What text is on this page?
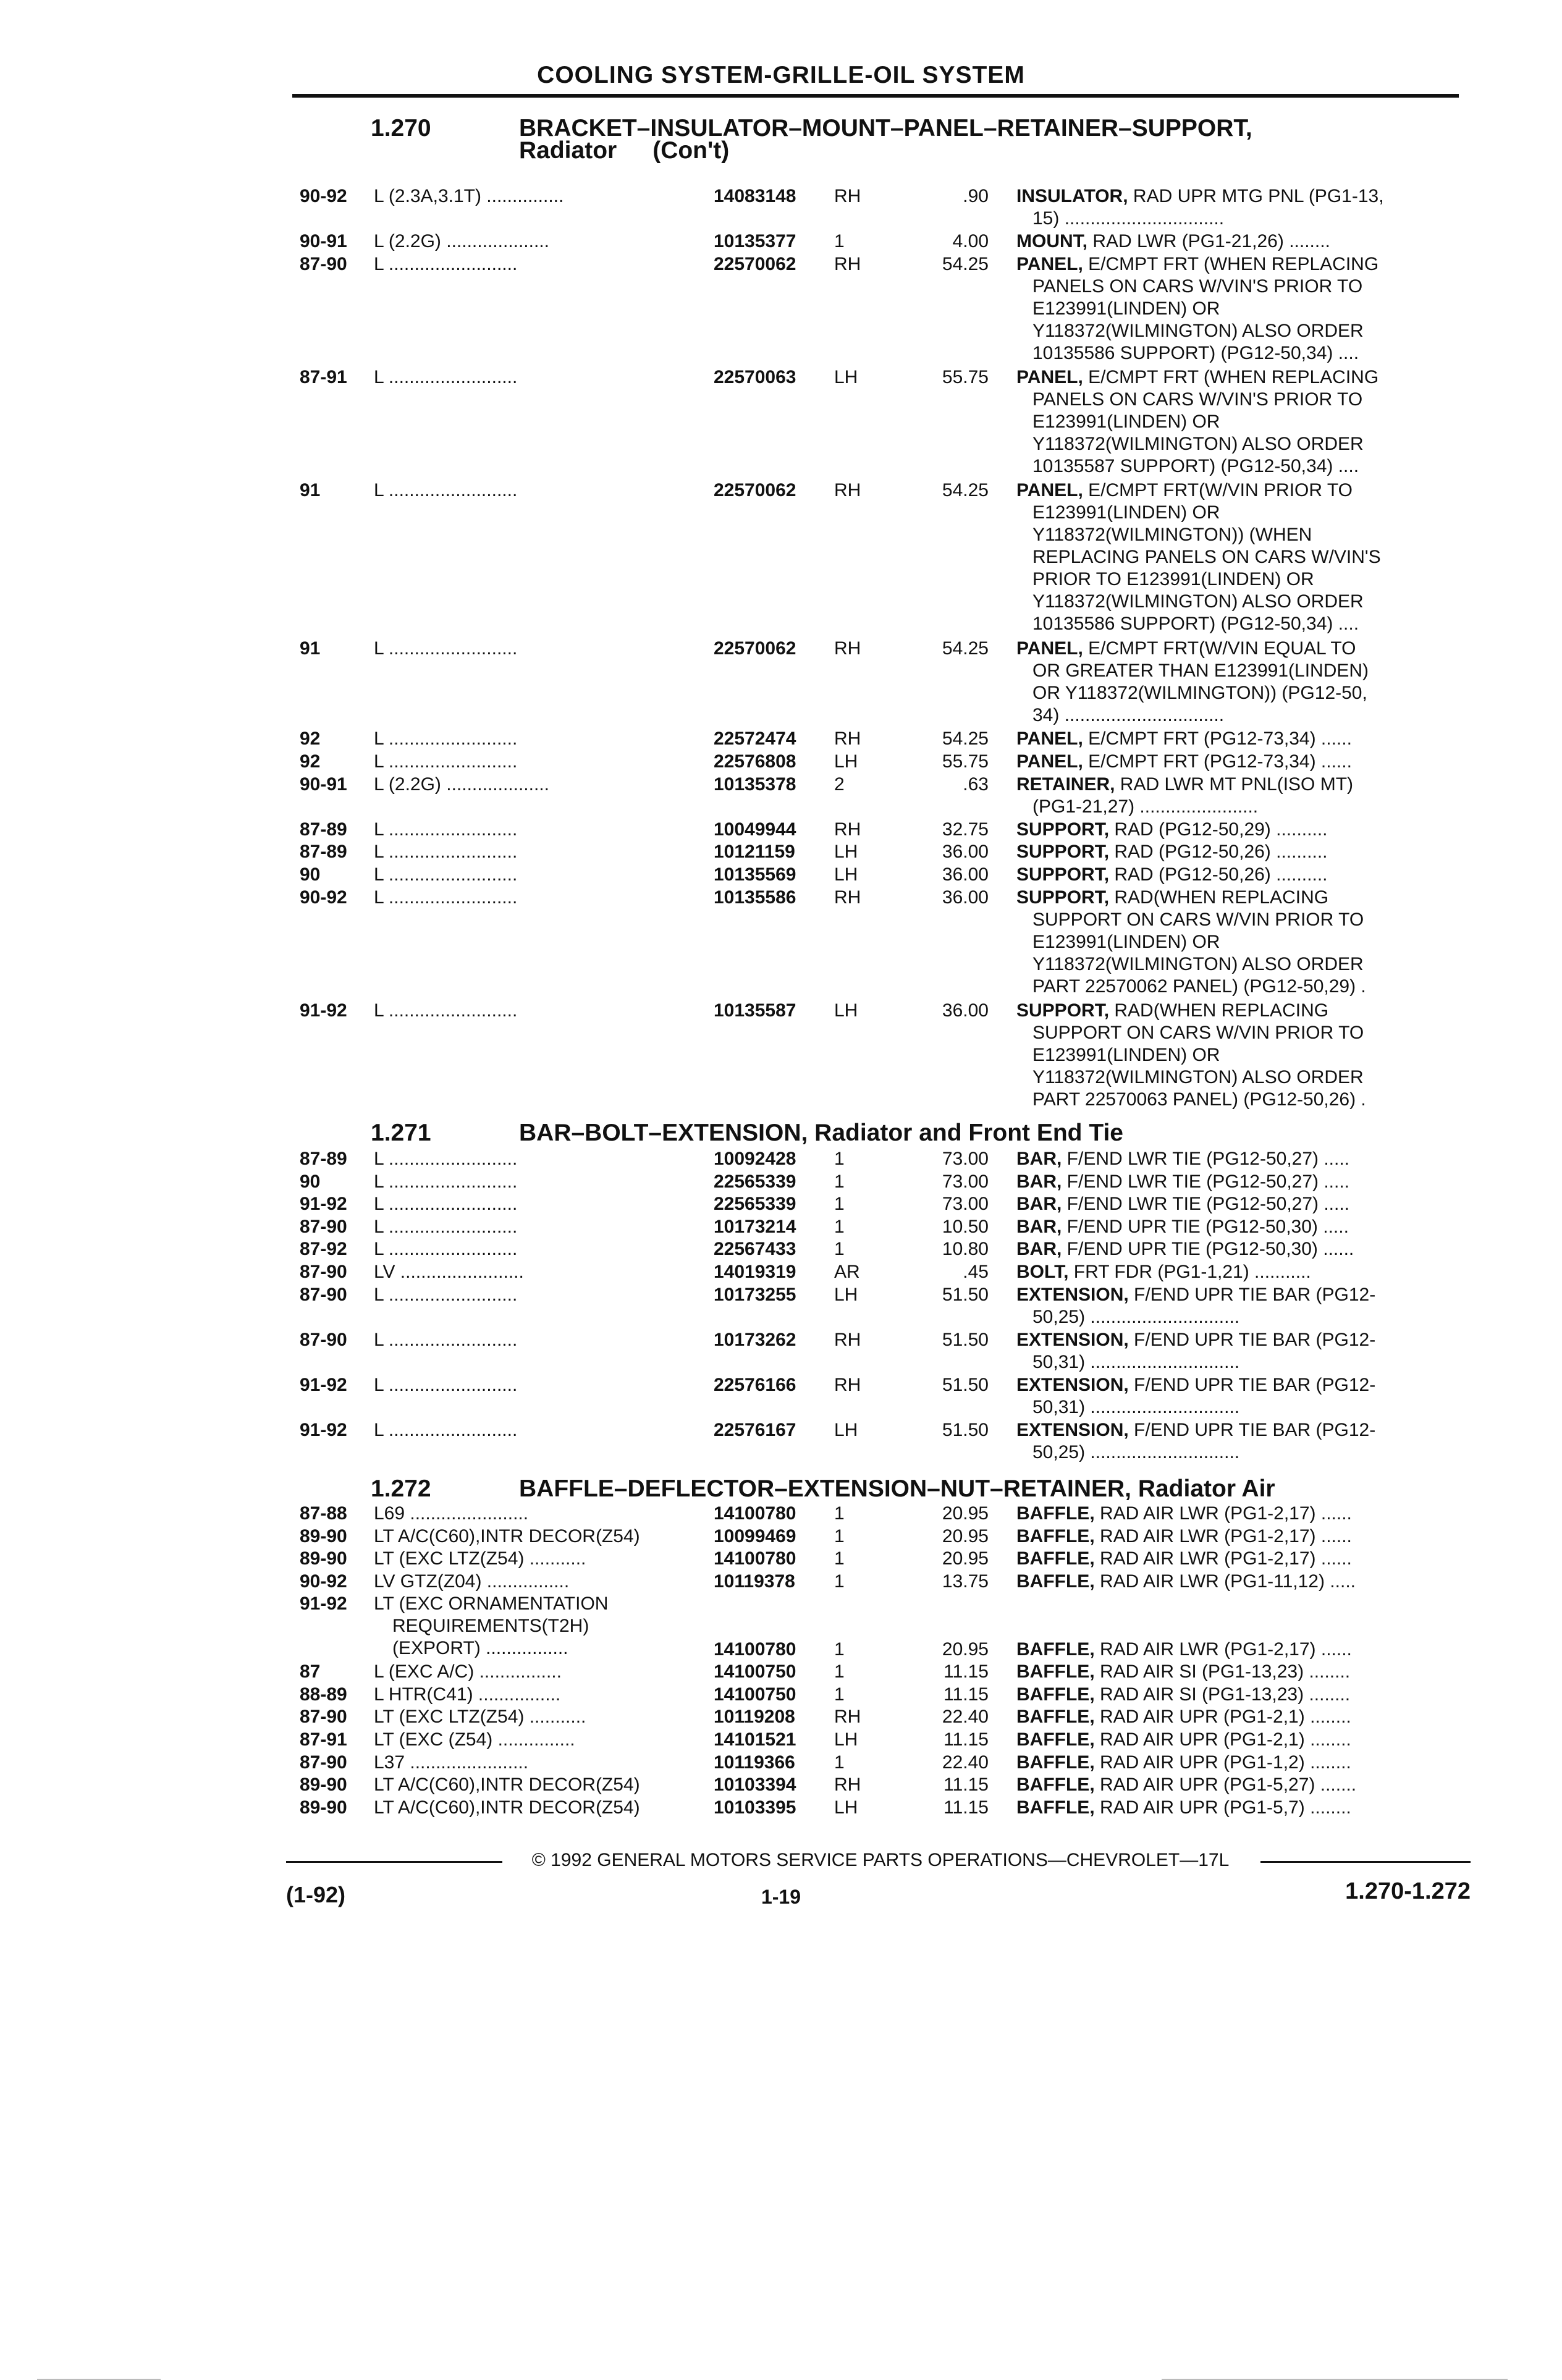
COOLING SYSTEM-GRILLE-OIL SYSTEM
1.270	BRACKET–INSULATOR–MOUNT–PANEL–RETAINER–SUPPORT,
Radiator (Con't)
90-92 L (2.3A,3.1T) ...............	14083148 RH	.90 INSULATOR, RAD UPR MTG PNL (PG1-13,
15) ...............................
90-91 L (2.2G) ....................	10135377 1	4.00 MOUNT, RAD LWR (PG1-21,26) ........
87-90 L .........................	22570062 RH	54.25 PANEL, E/CMPT FRT (WHEN REPLACING
PANELS ON CARS W/VIN'S PRIOR TO
E123991(LINDEN) OR
Y118372(WILMINGTON) ALSO ORDER
10135586 SUPPORT) (PG12-50,34) ....
87-91 L .........................	22570063 LH	55.75 PANEL, E/CMPT FRT (WHEN REPLACING
PANELS ON CARS W/VIN'S PRIOR TO
E123991(LINDEN) OR
Y118372(WILMINGTON) ALSO ORDER
10135587 SUPPORT) (PG12-50,34) ....
91	L .........................	22570062 RH	54.25 PANEL, E/CMPT FRT(W/VIN PRIOR TO
E123991(LINDEN) OR
Y118372(WILMINGTON)) (WHEN
REPLACING PANELS ON CARS W/VIN'S
PRIOR TO E123991(LINDEN) OR
Y118372(WILMINGTON) ALSO ORDER
10135586 SUPPORT) (PG12-50,34) ....
91	L .........................	22570062 RH	54.25 PANEL, E/CMPT FRT(W/VIN EQUAL TO
OR GREATER THAN E123991(LINDEN)
OR Y118372(WILMINGTON)) (PG12-50,
34) ...............................
92	L .........................	22572474 RH	54.25 PANEL, E/CMPT FRT (PG12-73,34) ......
92	L .........................	22576808 LH	55.75 PANEL, E/CMPT FRT (PG12-73,34) ......
90-91 L (2.2G) ....................	10135378 2	.63 RETAINER, RAD LWR MT PNL(ISO MT)
(PG1-21,27) .......................
87-89 L .........................	10049944 RH	32.75 SUPPORT, RAD (PG12-50,29) ..........
87-89 L .........................	10121159 LH	36.00 SUPPORT, RAD (PG12-50,26) ..........
90	L .........................	10135569 LH	36.00 SUPPORT, RAD (PG12-50,26) ..........
90-92 L .........................	10135586 RH	36.00 SUPPORT, RAD(WHEN REPLACING
SUPPORT ON CARS W/VIN PRIOR TO
E123991(LINDEN) OR
Y118372(WILMINGTON) ALSO ORDER
PART 22570062 PANEL) (PG12-50,29) .
91-92 L .........................	10135587 LH	36.00 SUPPORT, RAD(WHEN REPLACING
SUPPORT ON CARS W/VIN PRIOR TO
E123991(LINDEN) OR
Y118372(WILMINGTON) ALSO ORDER
PART 22570063 PANEL) (PG12-50,26) .
1.271	BAR–BOLT–EXTENSION, Radiator and Front End Tie
87-89 L .........................	10092428 1	73.00 BAR, F/END LWR TIE (PG12-50,27) .....
90	L .........................	22565339 1	73.00 BAR, F/END LWR TIE (PG12-50,27) .....
91-92 L .........................	22565339 1	73.00 BAR, F/END LWR TIE (PG12-50,27) .....
87-90 L .........................	10173214 1	10.50 BAR, F/END UPR TIE (PG12-50,30) .....
87-92 L .........................	22567433 1	10.80 BAR, F/END UPR TIE (PG12-50,30) ......
87-90 LV ........................	14019319 AR	.45 BOLT, FRT FDR (PG1-1,21) ...........
87-90 L .........................	10173255 LH	51.50 EXTENSION, F/END UPR TIE BAR (PG12-
50,25) .............................
87-90 L .........................	10173262 RH	51.50 EXTENSION, F/END UPR TIE BAR (PG12-
50,31) .............................
91-92 L .........................	22576166 RH	51.50 EXTENSION, F/END UPR TIE BAR (PG12-
50,31) .............................
91-92 L .........................	22576167 LH	51.50 EXTENSION, F/END UPR TIE BAR (PG12-
50,25) .............................
1.272	BAFFLE–DEFLECTOR–EXTENSION–NUT–RETAINER, Radiator Air
87-88 L69 .......................	14100780 1	20.95 BAFFLE, RAD AIR LWR (PG1-2,17) ......
89-90 LT A/C(C60),INTR DECOR(Z54)	10099469 1	20.95 BAFFLE, RAD AIR LWR (PG1-2,17) ......
89-90 LT (EXC LTZ(Z54) ...........	14100780 1	20.95 BAFFLE, RAD AIR LWR (PG1-2,17) ......
90-92 LV GTZ(Z04) ................	10119378 1	13.75 BAFFLE, RAD AIR LWR (PG1-11,12) .....
91-92 LT (EXC ORNAMENTATION
REQUIREMENTS(T2H)
(EXPORT) ................	14100780 1	20.95 BAFFLE, RAD AIR LWR (PG1-2,17) ......
87	L (EXC A/C) ................	14100750 1	11.15 BAFFLE, RAD AIR SI (PG1-13,23) ........
88-89 L HTR(C41) ................	14100750 1	11.15 BAFFLE, RAD AIR SI (PG1-13,23) ........
87-90 LT (EXC LTZ(Z54) ...........	10119208 RH	22.40 BAFFLE, RAD AIR UPR (PG1-2,1) ........
87-91 LT (EXC (Z54) ...............	14101521 LH	11.15 BAFFLE, RAD AIR UPR (PG1-2,1) ........
87-90 L37 .......................	10119366 1	22.40 BAFFLE, RAD AIR UPR (PG1-1,2) ........
89-90 LT A/C(C60),INTR DECOR(Z54)	10103394 RH	11.15 BAFFLE, RAD AIR UPR (PG1-5,27) .......
89-90 LT A/C(C60),INTR DECOR(Z54)	10103395 LH	11.15 BAFFLE, RAD AIR UPR (PG1-5,7) ........
© 1992 GENERAL MOTORS SERVICE PARTS OPERATIONS—CHEVROLET—17L
(1-92)	1-19	1.270-1.272
